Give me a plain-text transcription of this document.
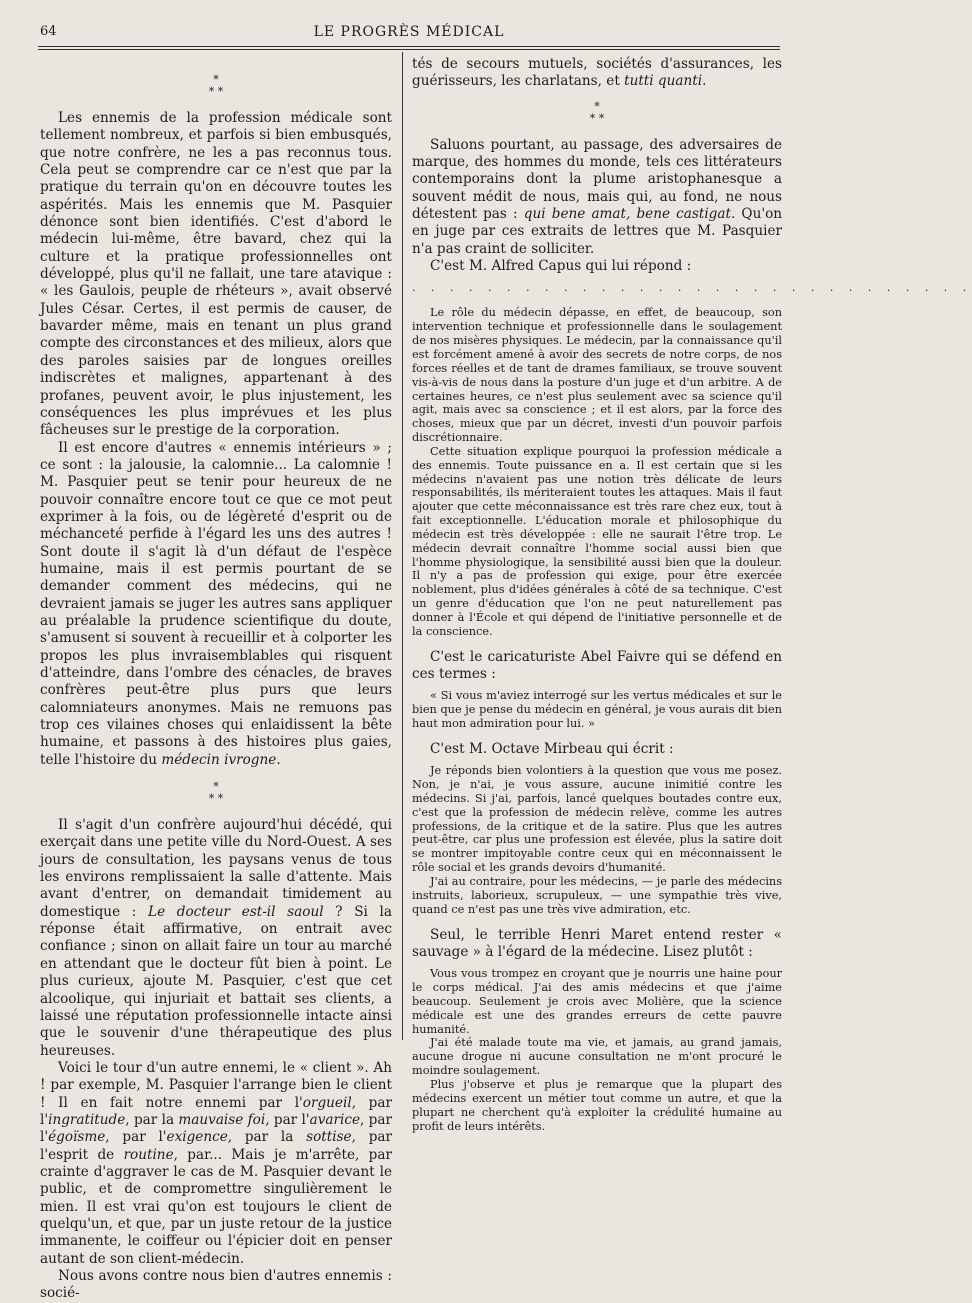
64	LE PROGRÈS MÉDICAL
*
* *

Les ennemis de la profession médicale sont tellement nombreux, et parfois si bien embusqués, que notre confrère, ne les a pas reconnus tous. Cela peut se comprendre car ce n'est que par la pratique du terrain qu'on en découvre toutes les aspérités. Mais les ennemis que M. Pasquier dénonce sont bien identifiés. C'est d'abord le médecin lui-même, être bavard, chez qui la culture et la pratique professionnelles ont développé, plus qu'il ne fallait, une tare atavique : « les Gaulois, peuple de rhéteurs », avait observé Jules César. Certes, il est permis de causer, de bavarder même, mais en tenant un plus grand compte des circonstances et des milieux, alors que des paroles saisies par de longues oreilles indiscrètes et malignes, appartenant à des profanes, peuvent avoir, le plus injustement, les conséquences les plus imprévues et les plus fâcheuses sur le prestige de la corporation.

Il est encore d'autres « ennemis intérieurs » ; ce sont : la jalousie, la calomnie... La calomnie ! M. Pasquier peut se tenir pour heureux de ne pouvoir connaître encore tout ce que ce mot peut exprimer à la fois, ou de légèreté d'esprit ou de méchanceté perfide à l'égard les uns des autres ! Sont doute il s'agit là d'un défaut de l'espèce humaine, mais il est permis pourtant de se demander comment des médecins, qui ne devraient jamais se juger les autres sans appliquer au préalable la prudence scientifique du doute, s'amusent si souvent à recueillir et à colporter les propos les plus invraisemblables qui risquent d'atteindre, dans l'ombre des cénacles, de braves confrères peut-être plus purs que leurs calomniateurs anonymes. Mais ne remuons pas trop ces vilaines choses qui enlaidissent la bête humaine, et passons à des histoires plus gaies, telle l'histoire du médecin ivrogne.

*
* *

Il s'agit d'un confrère aujourd'hui décédé, qui exerçait dans une petite ville du Nord-Ouest. A ses jours de consultation, les paysans venus de tous les environs remplissaient la salle d'attente. Mais avant d'entrer, on demandait timidement au domestique : Le docteur est-il saoul ? Si la réponse était affirmative, on entrait avec confiance ; sinon on allait faire un tour au marché en attendant que le docteur fût bien à point. Le plus curieux, ajoute M. Pasquier, c'est que cet alcoolique, qui injuriait et battait ses clients, a laissé une réputation professionnelle intacte ainsi que le souvenir d'une thérapeutique des plus heureuses.

Voici le tour d'un autre ennemi, le « client ». Ah ! par exemple, M. Pasquier l'arrange bien le client ! Il en fait notre ennemi par l'orgueil, par l'ingratitude, par la mauvaise foi, par l'avarice, par l'égoïsme, par l'exigence, par la sottise, par l'esprit de routine, par... Mais je m'arrête, par crainte d'aggraver le cas de M. Pasquier devant le public, et de compromettre singulièrement le mien. Il est vrai qu'on est toujours le client de quelqu'un, et que, par un juste retour de la justice immanente, le coiffeur ou l'épicier doit en penser autant de son client-médecin.

Nous avons contre nous bien d'autres ennemis : socié-

tés de secours mutuels, sociétés d'assurances, les guérisseurs, les charlatans, et tutti quanti.

*
* *

Saluons pourtant, au passage, des adversaires de marque, des hommes du monde, tels ces littérateurs contemporains dont la plume aristophanesque a souvent médit de nous, mais qui, au fond, ne nous détestent pas : qui bene amat, bene castigat. Qu'on en juge par ces extraits de lettres que M. Pasquier n'a pas craint de solliciter.

C'est M. Alfred Capus qui lui répond :

. . . . . . . . . . . . . . . . . . . . . . . . . . . . . .

Le rôle du médecin dépasse, en effet, de beaucoup, son intervention technique et professionnelle dans le soulagement de nos misères physiques. Le médecin, par la connaissance qu'il est forcément amené à avoir des secrets de notre corps, de nos forces réelles et de tant de drames familiaux, se trouve souvent vis-à-vis de nous dans la posture d'un juge et d'un arbitre. A de certaines heures, ce n'est plus seulement avec sa science qu'il agit, mais avec sa conscience ; et il est alors, par la force des choses, mieux que par un décret, investi d'un pouvoir parfois discrétionnaire.

Cette situation explique pourquoi la profession médicale a des ennemis. Toute puissance en a. Il est certain que si les médecins n'avaient pas une notion très délicate de leurs responsabilités, ils mériteraient toutes les attaques. Mais il faut ajouter que cette méconnaissance est très rare chez eux, tout à fait exceptionnelle. L'éducation morale et philosophique du médecin est très développée : elle ne saurait l'être trop. Le médecin devrait connaître l'homme social aussi bien que l'homme physiologique, la sensibilité aussi bien que la douleur. Il n'y a pas de profession qui exige, pour être exercée noblement, plus d'idées générales à côté de sa technique. C'est un genre d'éducation que l'on ne peut naturellement pas donner à l'École et qui dépend de l'initiative personnelle et de la conscience.

C'est le caricaturiste Abel Faivre qui se défend en ces termes :

« Si vous m'aviez interrogé sur les vertus médicales et sur le bien que je pense du médecin en général, je vous aurais dit bien haut mon admiration pour lui. »

C'est M. Octave Mirbeau qui écrit :

Je réponds bien volontiers à la question que vous me posez. Non, je n'ai, je vous assure, aucune inimitié contre les médecins. Si j'ai, parfois, lancé quelques boutades contre eux, c'est que la profession de médecin relève, comme les autres professions, de la critique et de la satire. Plus que les autres peut-être, car plus une profession est élevée, plus la satire doit se montrer impitoyable contre ceux qui en méconnaissent le rôle social et les grands devoirs d'humanité.

J'ai au contraire, pour les médecins, — je parle des médecins instruits, laborieux, scrupuleux, — une sympathie très vive, quand ce n'est pas une très vive admiration, etc.

Seul, le terrible Henri Maret entend rester « sauvage » à l'égard de la médecine. Lisez plutôt :

Vous vous trompez en croyant que je nourris une haine pour le corps médical. J'ai des amis médecins et que j'aime beaucoup. Seulement je crois avec Molière, que la science médicale est une des grandes erreurs de cette pauvre humanité.

J'ai été malade toute ma vie, et jamais, au grand jamais, aucune drogue ni aucune consultation ne m'ont procuré le moindre soulagement.

Plus j'observe et plus je remarque que la plupart des médecins exercent un métier tout comme un autre, et que la plupart ne cherchent qu'à exploiter la crédulité humaine au profit de leurs intérêts.
